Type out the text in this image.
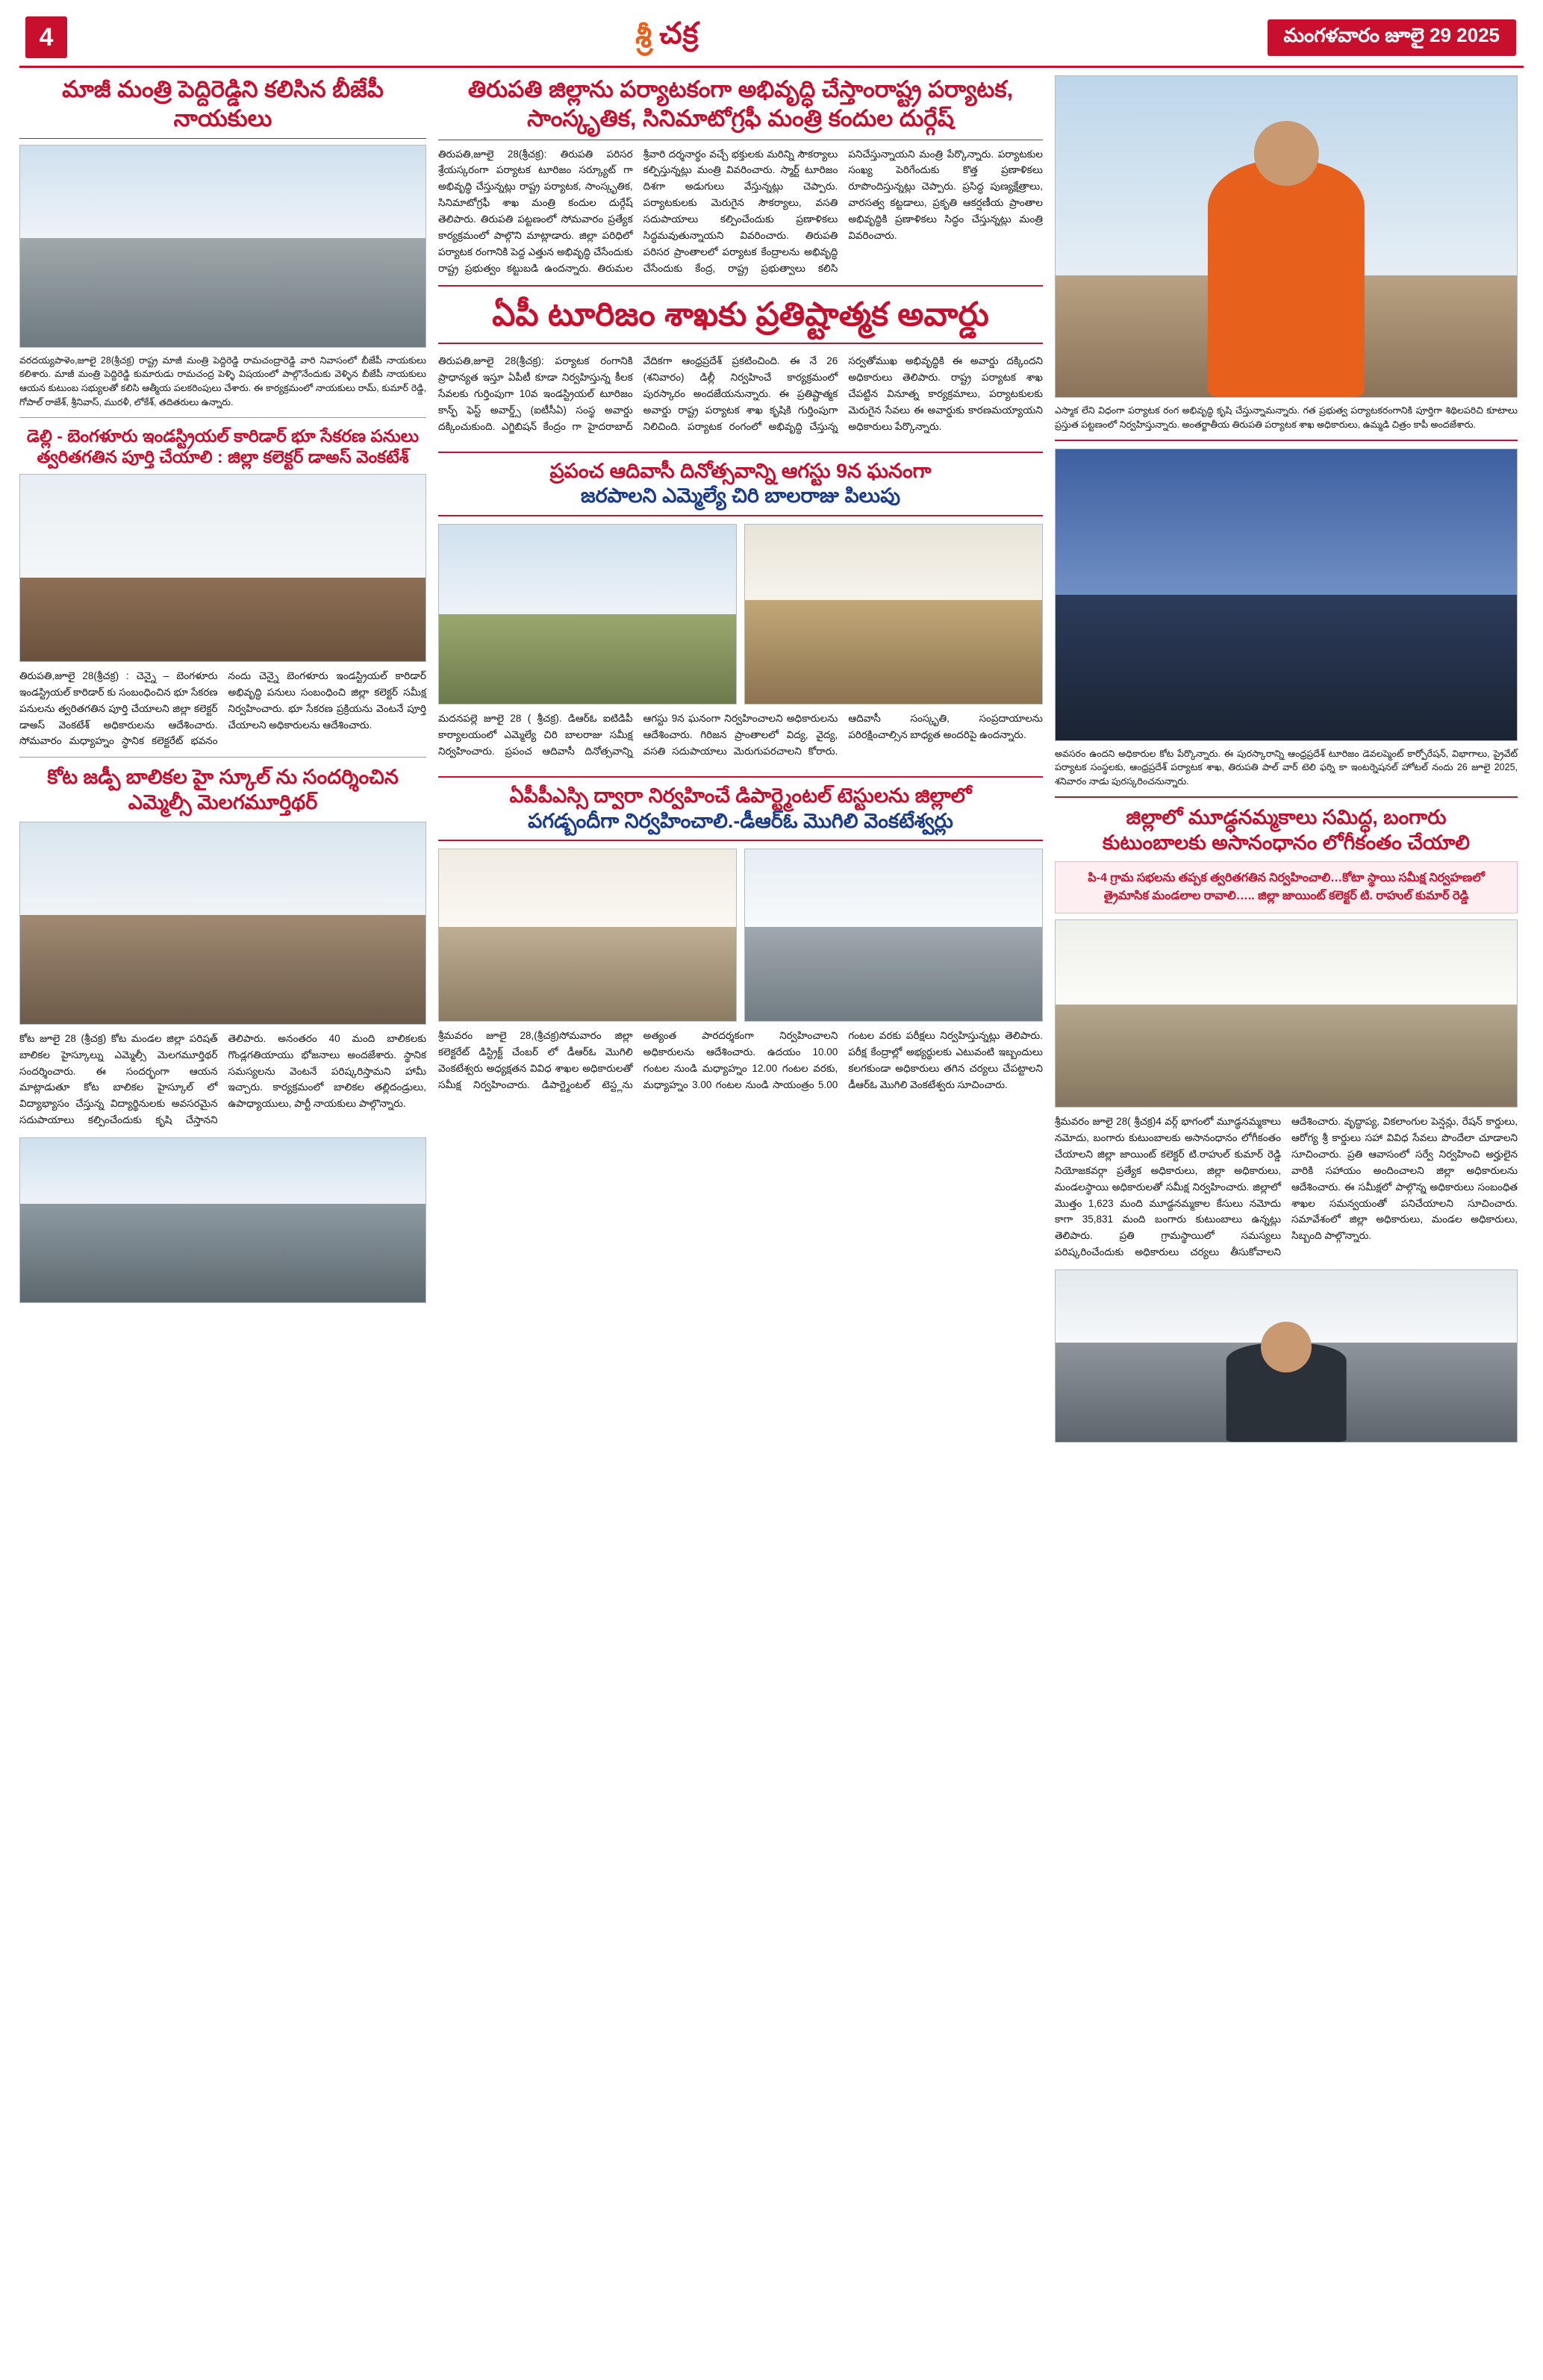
4	శ్రీ చక్ర	మంగళవారం జూలై 29 2025
మాజీ మంత్రి పెద్దిరెడ్డిని కలిసిన బీజేపీ నాయకులు
వరదయ్యపాళెం,జూలై 28(శ్రీచక్ర) రాష్ట్ర మాజీ మంత్రి పెద్దిరెడ్డి రామచంద్రారెడ్డి వారి నివాసంలో బీజేపీ నాయకులు కలిశారు. మాజీ మంత్రి పెద్దిరెడ్డి కుమారుడు రామచంద్ర పెళ్ళి విషయంలో పాల్గొనేందుకు వెళ్ళిన బీజేపీ నాయకులు ఆయన కుటుంబ సభ్యులతో కలిసి ఆత్మీయ పలకరింపులు చేశారు. ఈ కార్యక్రమంలో నాయకులు రామ్, కుమార్ రెడ్డి, గోపాల్ రాజేశ్, శ్రీనివాస్, మురళీ, లోకేశ్, తదితరులు ఉన్నారు.
డెల్లి - బెంగళూరు ఇండస్ట్రియల్ కారిడార్ భూ సేకరణ పనులు
త్వరితగతిన పూర్తి చేయాలి : జిల్లా కలెక్టర్ డాఅస్ వెంకటేశ్
తిరుపతి,జూలై 28(శ్రీచక్ర) : చెన్నై – బెంగళూరు ఇండస్ట్రియల్ కారిడార్ కు సంబంధించిన భూ సేకరణ పనులను త్వరితగతిన పూర్తి చేయాలని జిల్లా కలెక్టర్ డాఅస్ వెంకటేశ్ అధికారులను ఆదేశించారు. సోమవారం మధ్యాహ్నం స్థానిక కలెక్టరేట్ భవనం నందు చెన్నై బెంగళూరు ఇండస్ట్రియల్ కారిడార్ అభివృద్ధి పనులు సంబంధించి జిల్లా కలెక్టర్ సమీక్ష నిర్వహించారు. భూ సేకరణ ప్రక్రియను వెంటనే పూర్తి చేయాలని అధికారులను ఆదేశించారు.
కోట జడ్పీ బాలికల హై స్కూల్ ను సందర్శించిన ఎమ్మెల్సీ మెలగమూర్తిథర్
కోట జూలై 28 (శ్రీచక్ర) కోట మండల జిల్లా పరిషత్ బాలికల హైస్కూల్ను ఎమ్మెల్సీ మెలగమూర్తిథర్ సందర్శించారు. ఈ సందర్భంగా ఆయన మాట్లాడుతూ కోట బాలికల హైస్కూల్ లో విద్యాభ్యాసం చేస్తున్న విద్యార్థినులకు అవసరమైన సదుపాయాలు కల్పించేందుకు కృషి చేస్తానని తెలిపారు. అనంతరం 40 మంది బాలికలకు గొండ్లగతియాయు భోజనాలు అందజేశారు. స్థానిక సమస్యలను వెంటనే పరిష్కరిస్తామని హామీ ఇచ్చారు. కార్యక్రమంలో బాలికల తల్లిదండ్రులు, ఉపాధ్యాయులు, పార్టీ నాయకులు పాల్గొన్నారు.
తిరుపతి జిల్లాను పర్యాటకంగా అభివృద్ధి చేస్తాంరాష్ట్ర పర్యాటక, సాంస్కృతిక, సినిమాటోగ్రఫీ మంత్రి కందుల దుర్గేష్
తిరుపతి,జూలై 28(శ్రీచక్ర): తిరుపతి పరిసర శ్రేయస్కరంగా పర్యాటక టూరిజం సర్క్యూట్ గా అభివృద్ధి చేస్తున్నట్లు రాష్ట్ర పర్యాటక, సాంస్కృతిక, సినిమాటోగ్రఫీ శాఖ మంత్రి కందుల దుర్గేష్ తెలిపారు. తిరుపతి పట్టణంలో సోమవారం ప్రత్యేక కార్యక్రమంలో పాల్గొని మాట్లాడారు. జిల్లా పరిధిలో పర్యాటక రంగానికి పెద్ద ఎత్తున అభివృద్ధి చేసేందుకు రాష్ట్ర ప్రభుత్వం కట్టుబడి ఉందన్నారు. తిరుమల శ్రీవారి దర్శనార్థం వచ్చే భక్తులకు మరిన్ని సౌకర్యాలు కల్పిస్తున్నట్లు మంత్రి వివరించారు. స్మార్ట్ టూరిజం దిశగా అడుగులు వేస్తున్నట్లు చెప్పారు. పర్యాటకులకు మెరుగైన సౌకర్యాలు, వసతి సదుపాయాలు కల్పించేందుకు ప్రణాళికలు సిద్ధమవుతున్నాయని వివరించారు. తిరుపతి పరిసర ప్రాంతాలలో పర్యాటక కేంద్రాలను అభివృద్ధి చేసేందుకు కేంద్ర, రాష్ట్ర ప్రభుత్వాలు కలిసి పనిచేస్తున్నాయని మంత్రి పేర్కొన్నారు. పర్యాటకుల సంఖ్య పెరిగేందుకు కొత్త ప్రణాళికలు రూపొందిస్తున్నట్లు చెప్పారు. ప్రసిద్ధ పుణ్యక్షేత్రాలు, వారసత్వ కట్టడాలు, ప్రకృతి ఆకర్షణీయ ప్రాంతాల అభివృద్ధికి ప్రణాళికలు సిద్ధం చేస్తున్నట్లు మంత్రి వివరించారు.
ఏపీ టూరిజం శాఖకు ప్రతిష్టాత్మక అవార్డు
తిరుపతి,జూలై 28(శ్రీచక్ర): పర్యాటక రంగానికి ప్రాధాన్యత ఇస్తూ ఏపీటీ కూడా నిర్వహిస్తున్న కీలక సేవలకు గుర్తింపుగా 10వ ఇండస్ట్రియల్ టూరిజం కాన్ఫ్ ఫెస్ట్ అవార్డ్స్ (ఐటీసీఏ) సంస్థ అవార్డు దక్కించుకుంది. ఎగ్జిబిషన్ కేంద్రం గా హైదరాబాద్ వేదికగా ఆంధ్రప్రదేశ్ ప్రకటించింది. ఈ నే 26 (శనివారం) డిల్లీ నిర్వహించే కార్యక్రమంలో పురస్కారం అందజేయనున్నారు. ఈ ప్రతిష్టాత్మక అవార్డు రాష్ట్ర పర్యాటక శాఖ కృషికి గుర్తింపుగా నిలిచింది. పర్యాటక రంగంలో అభివృద్ధి చేస్తున్న సర్వతోముఖ అభివృద్ధికి ఈ అవార్డు దక్కిందని అధికారులు తెలిపారు. రాష్ట్ర పర్యాటక శాఖ చేపట్టిన వినూత్న కార్యక్రమాలు, పర్యాటకులకు మెరుగైన సేవలు ఈ అవార్డుకు కారణమయ్యాయని అధికారులు పేర్కొన్నారు.
ప్రపంచ ఆదివాసీ దినోత్సవాన్ని ఆగస్టు 9న ఘనంగా
జరపాలని ఎమ్మెల్యే చిరి బాలరాజు పిలుపు
మదనపల్లె జూలై 28 ( శ్రీచక్ర). డిఆర్ఓ ఐటిడిపీ కార్యాలయంలో ఎమ్మెల్యే చిరి బాలరాజు సమీక్ష నిర్వహించారు. ప్రపంచ ఆదివాసీ దినోత్సవాన్ని ఆగస్టు 9న ఘనంగా నిర్వహించాలని అధికారులను ఆదేశించారు. గిరిజన ప్రాంతాలలో విద్య, వైద్య, వసతి సదుపాయాలు మెరుగుపరచాలని కోరారు. ఆదివాసీ సంస్కృతి, సంప్రదాయాలను పరిరక్షించాల్సిన బాధ్యత అందరిపై ఉందన్నారు.
ఏపీపీఎస్సి ద్వారా నిర్వహించే డిపార్ట్మెంటల్ టెస్టులను జిల్లాలో
పగడ్బందీగా నిర్వహించాలి.-డీఆర్ఓ మొగిలి వెంకటేశ్వర్లు
శ్రీమవరం జూలై 28,(శ్రీచక్ర)సోమవారం జిల్లా కలెక్టరేట్ డిస్ట్రిక్ట్ చేంబర్ లో డీఆర్ఓ మొగిలి వెంకటేశ్వరు అధ్యక్షతన వివిధ శాఖల అధికారులతో సమీక్ష నిర్వహించారు. డిపార్ట్మెంటల్ టెస్ట్లను అత్యంత పారదర్శకంగా నిర్వహించాలని అధికారులను ఆదేశించారు. ఉదయం 10.00 గంటల నుండి మధ్యాహ్నం 12.00 గంటల వరకు, మధ్యాహ్నం 3.00 గంటల నుండి సాయంత్రం 5.00 గంటల వరకు పరీక్షలు నిర్వహిస్తున్నట్లు తెలిపారు. పరీక్ష కేంద్రాల్లో అభ్యర్థులకు ఎటువంటి ఇబ్బందులు కలగకుండా అధికారులు తగిన చర్యలు చేపట్టాలని డీఆర్ఓ మొగిలి వెంకటేశ్వరు సూచించారు.
ఎస్మాక లేని విధంగా పర్యాటక రంగ అభివృద్ధి కృషి చేస్తున్నామన్నారు. గత ప్రభుత్వ పర్యాటకరంగానికి పూర్తిగా శిథిలపరిచి కూటాలు ప్రస్తుత పట్టణంలో నిర్వహిస్తున్నారు. అంతర్జాతీయ తిరుపతి పర్యాటక శాఖ అధికారులు, ఉమ్మడి చిత్రం కాపీ అందజేశారు.
అవసరం ఉందని అధికారుల కోట పేర్కొన్నారు. ఈ పురస్కారాన్ని ఆంధ్రప్రదేశ్ టూరిజం డెవలప్మెంట్ కార్పోరేషన్, విభాగాలు, ప్రైవేట్ పర్యాటక సంస్థలకు, ఆంధ్రప్రదేశ్ పర్యాటక శాఖ, తిరుపతి పాల్ వార్ టెలి ఫర్ని కా ఇంటర్నెషనల్ హోటల్ నందు 26 జూలై 2025, శనివారం నాడు పురస్కరించనున్నారు.
జిల్లాలో మూడ్ధనమ్మకాలు సమిద్ధ, బంగారు
కుటుంబాలకు అసానంధానం లోగీకంతం చేయాలి
పి-4 గ్రామ సభలను తప్పక త్వరితగతిన నిర్వహించాలి…కోటా స్థాయి సమీక్ష నిర్వహణలో త్రైమాసిక మండలాల రావాలి….. జిల్లా జాయింట్ కలెక్టర్ టి. రాహుల్ కుమార్ రెడ్డి
శ్రీమవరం జూలై 28( శ్రీచక్ర)4 వర్గ్ భాగంలో మూడ్ధనమ్మకాలు నమోదు, బంగారు కుటుంబాలకు అసానంధానం లోగీకంతం చేయాలని జిల్లా జాయింట్ కలెక్టర్ టి.రాహుల్ కుమార్ రెడ్డి నియోజకవర్గా ప్రత్యేక అధికారులు, జిల్లా అధికారులు, మండలస్థాయి అధికారులతో సమీక్ష నిర్వహించారు. జిల్లాలో మొత్తం 1,623 మంది మూడ్ధనమ్మకాల కేసులు నమోదు కాగా 35,831 మంది బంగారు కుటుంబాలు ఉన్నట్లు తెలిపారు. ప్రతి గ్రామస్థాయిలో సమస్యలు పరిష్కరించేందుకు అధికారులు చర్యలు తీసుకోవాలని ఆదేశించారు. వృద్ధాప్య, వికలాంగుల పెన్షన్లు, రేషన్ కార్డులు, ఆరోగ్య శ్రీ కార్డులు సహా వివిధ సేవలు పొందేలా చూడాలని సూచించారు. ప్రతి ఆవాసంలో సర్వే నిర్వహించి అర్హులైన వారికి సహాయం అందించాలని జిల్లా అధికారులను ఆదేశించారు. ఈ సమీక్షలో పాల్గొన్న అధికారులు సంబంధిత శాఖల సమన్వయంతో పనిచేయాలని సూచించారు. సమావేశంలో జిల్లా అధికారులు, మండల అధికారులు, సిబ్బంది పాల్గొన్నారు.
